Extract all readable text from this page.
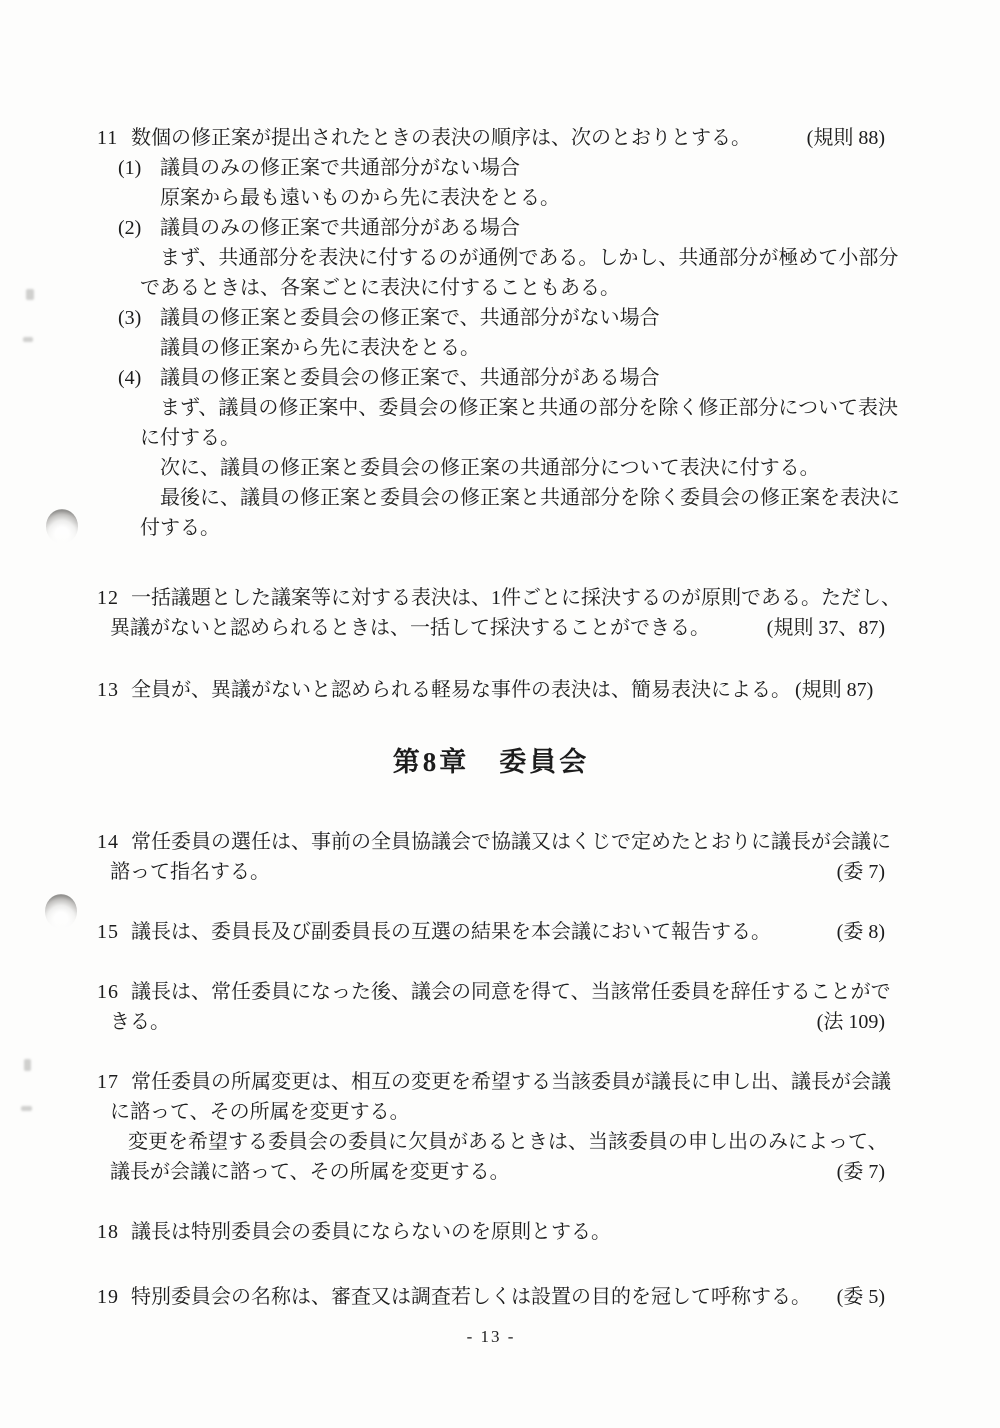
11 数個の修正案が提出されたときの表決の順序は、次のとおりとする。	(規則 88)
(1) 議員のみの修正案で共通部分がない場合
原案から最も遠いものから先に表決をとる。
(2) 議員のみの修正案で共通部分がある場合
まず、共通部分を表決に付するのが通例である。しかし、共通部分が極めて小部分
であるときは、各案ごとに表決に付することもある。
(3) 議員の修正案と委員会の修正案で、共通部分がない場合
議員の修正案から先に表決をとる。
(4) 議員の修正案と委員会の修正案で、共通部分がある場合
まず、議員の修正案中、委員会の修正案と共通の部分を除く修正部分について表決
に付する。
次に、議員の修正案と委員会の修正案の共通部分について表決に付する。
最後に、議員の修正案と委員会の修正案と共通部分を除く委員会の修正案を表決に
付する。
12 一括議題とした議案等に対する表決は、1件ごとに採決するのが原則である。ただし、
異議がないと認められるときは、一括して採決することができる。	(規則 37、87)
13 全員が、異議がないと認められる軽易な事件の表決は、簡易表決による。 (規則 87)
第8章　委員会
14 常任委員の選任は、事前の全員協議会で協議又はくじで定めたとおりに議長が会議に
諮って指名する。	(委 7)
15 議長は、委員長及び副委員長の互選の結果を本会議において報告する。	(委 8)
16 議長は、常任委員になった後、議会の同意を得て、当該常任委員を辞任することがで
きる。	(法 109)
17 常任委員の所属変更は、相互の変更を希望する当該委員が議長に申し出、議長が会議
に諮って、その所属を変更する。
変更を希望する委員会の委員に欠員があるときは、当該委員の申し出のみによって、
議長が会議に諮って、その所属を変更する。	(委 7)
18 議長は特別委員会の委員にならないのを原則とする。
19 特別委員会の名称は、審査又は調査若しくは設置の目的を冠して呼称する。 (委 5)
- 13 -
